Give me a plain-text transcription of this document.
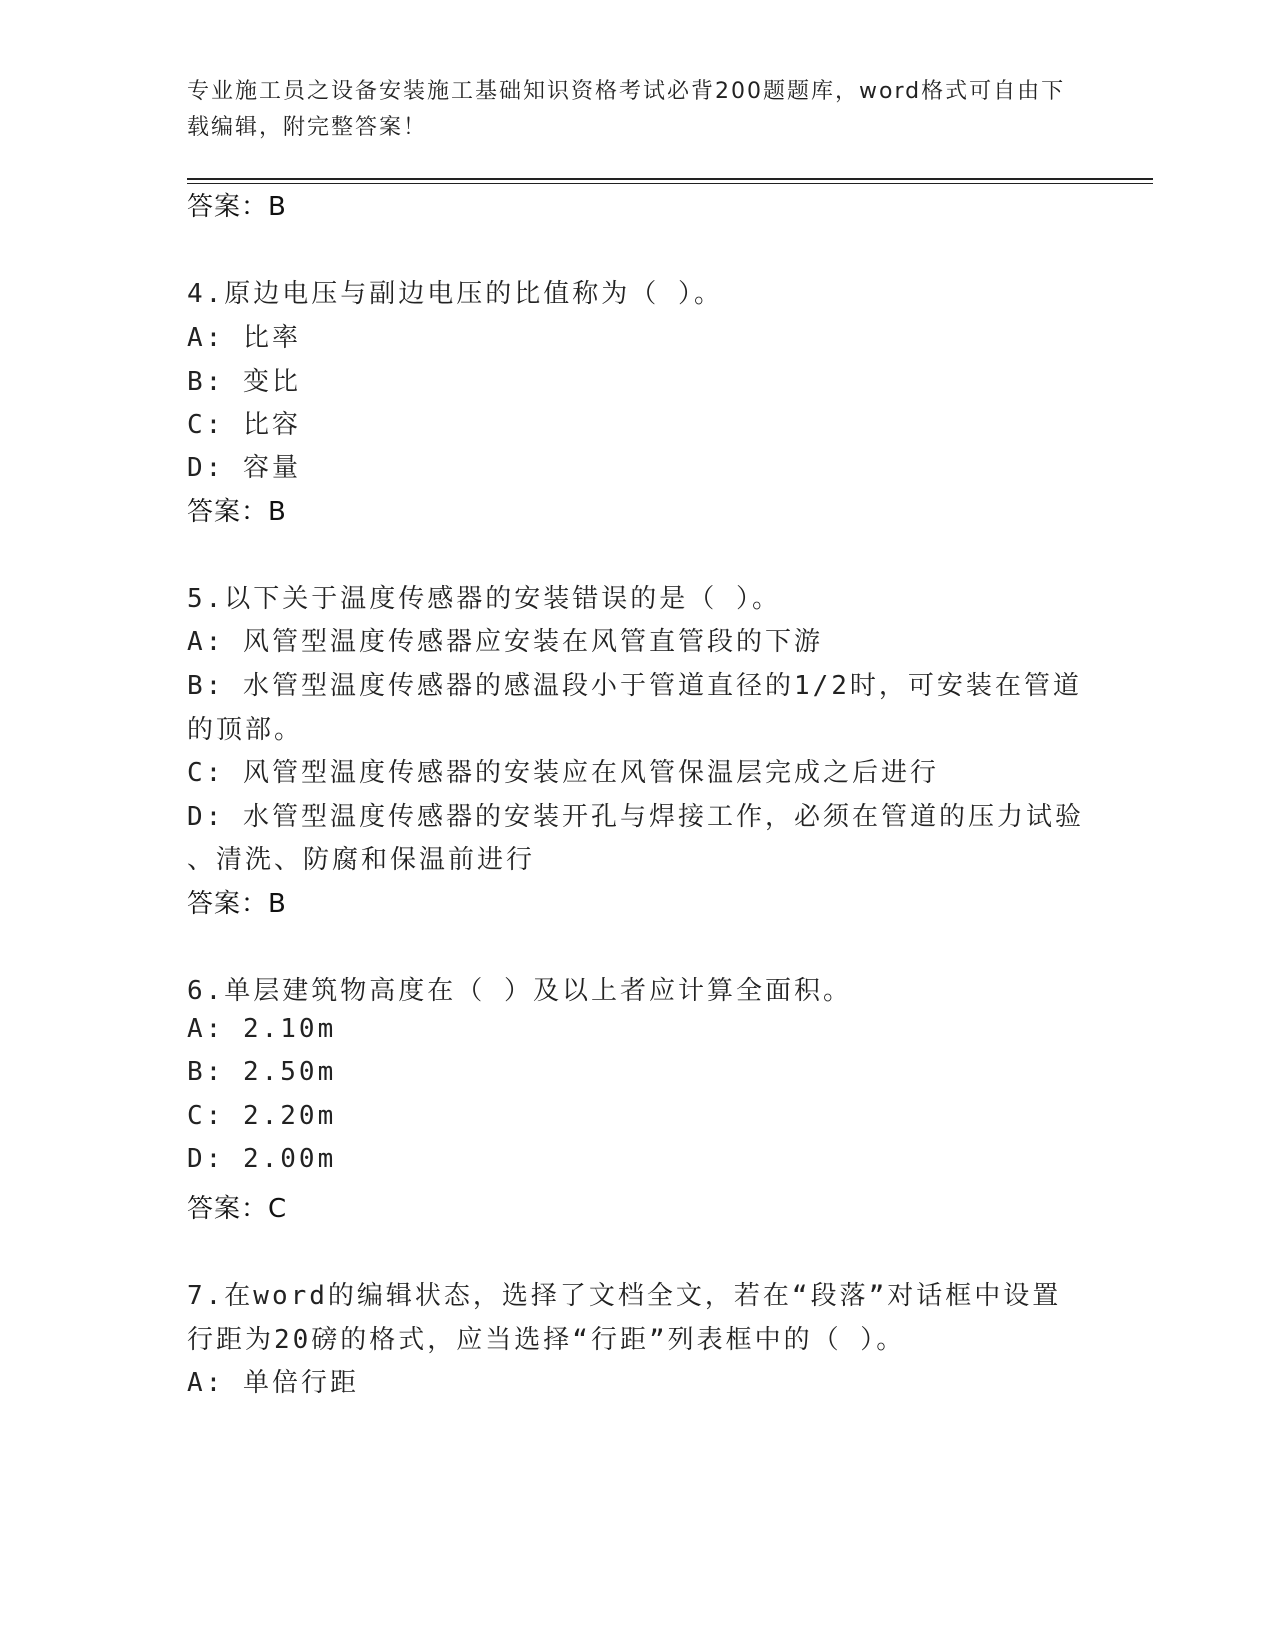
专业施工员之设备安装施工基础知识资格考试必背200题题库，word格式可自由下载编辑，附完整答案！
答案：B
4.原边电压与副边电压的比值称为（ ）。
A: 比率
B: 变比
C: 比容
D: 容量
答案：B
5.以下关于温度传感器的安装错误的是（ ）。
A: 风管型温度传感器应安装在风管直管段的下游
B: 水管型温度传感器的感温段小于管道直径的1/2时，可安装在管道
的顶部。
C: 风管型温度传感器的安装应在风管保温层完成之后进行
D: 水管型温度传感器的安装开孔与焊接工作，必须在管道的压力试验
、清洗、防腐和保温前进行
答案：B
6.单层建筑物高度在（ ）及以上者应计算全面积。
A: 2.10m
B: 2.50m
C: 2.20m
D: 2.00m
答案：C
7.在word的编辑状态，选择了文档全文，若在“段落”对话框中设置
行距为20磅的格式，应当选择“行距”列表框中的（ ）。
A: 单倍行距
